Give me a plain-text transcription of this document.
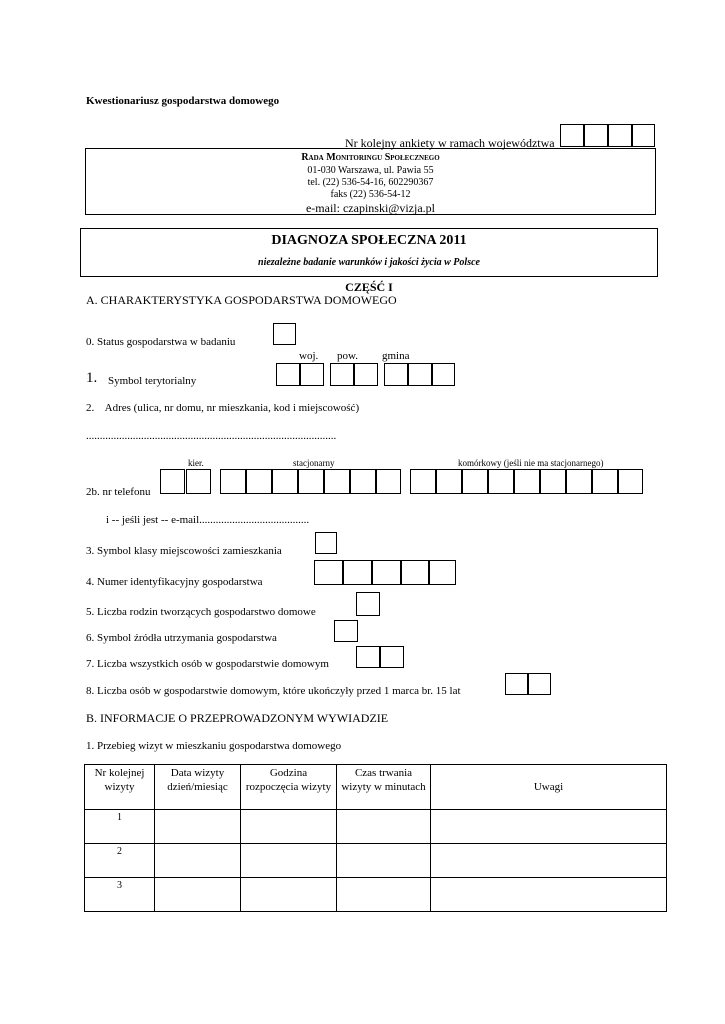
Kwestionariusz gospodarstwa domowego
Nr kolejny ankiety w ramach województwa
Rada Monitoringu Społecznego
01-030 Warszawa, ul. Pawia 55
tel. (22) 536-54-16, 602290367
faks (22) 536-54-12
e-mail: czapinski@vizja.pl
DIAGNOZA SPOŁECZNA 2011
niezależne badanie warunków i jakości życia w Polsce
CZĘŚĆ I
A. CHARAKTERYSTYKA GOSPODARSTWA DOMOWEGO
0. Status gospodarstwa w badaniu
woj. pow. gmina
1. Symbol terytorialny
2.    Adres (ulica, nr domu, nr mieszkania, kod i miejscowość)
...........................................................................................
kier.	stacjonarny	komórkowy (jeśli nie ma stacjonarnego)
2b. nr telefonu
i -- jeśli jest -- e-mail........................................
3. Symbol klasy miejscowości zamieszkania
4. Numer identyfikacyjny gospodarstwa
5. Liczba rodzin tworzących gospodarstwo domowe
6. Symbol źródła utrzymania gospodarstwa
7. Liczba wszystkich osób w gospodarstwie domowym
8. Liczba osób w gospodarstwie domowym, które ukończyły przed 1 marca br. 15 lat
B. INFORMACJE O PRZEPROWADZONYM WYWIADZIE
1. Przebieg wizyt w mieszkaniu gospodarstwa domowego
Nr kolejnej wizyty	Data wizyty dzień/miesiąc	Godzina rozpoczęcia wizyty	Czas trwania wizyty w minutach	Uwagi
1				
2				
3				
